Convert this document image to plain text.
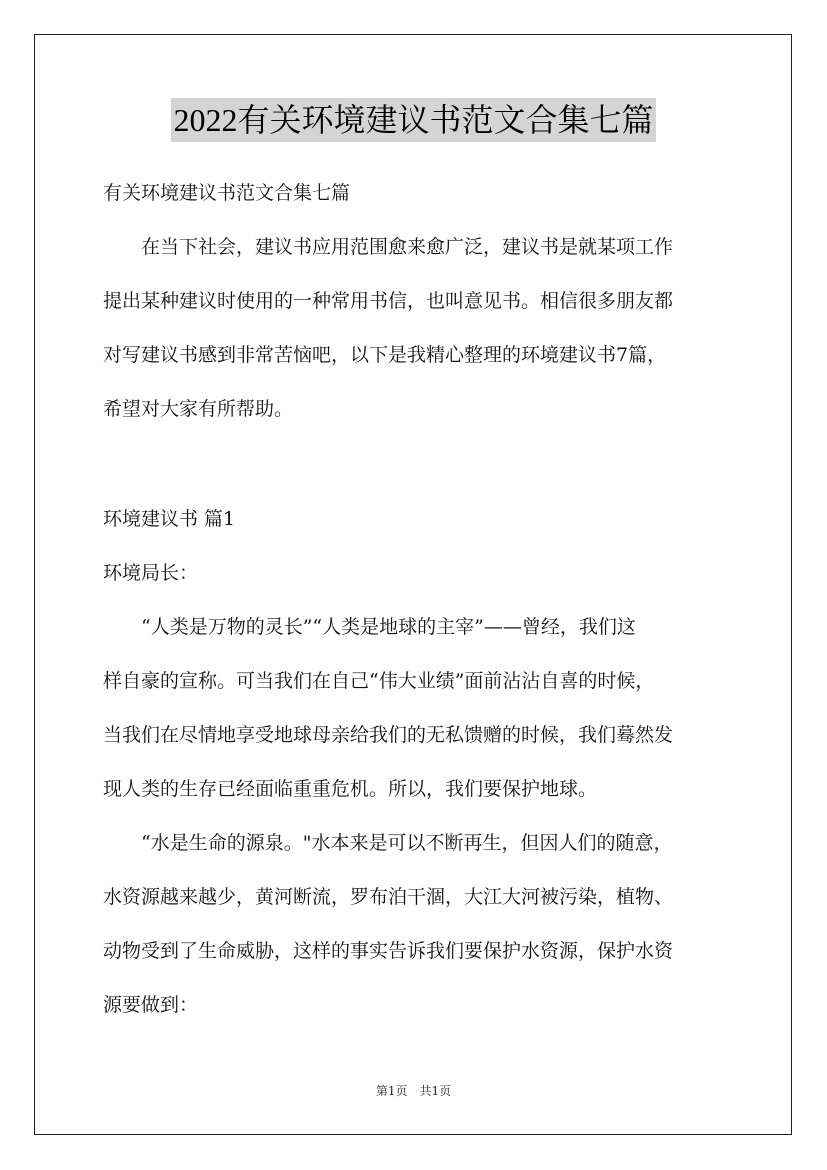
2022有关环境建议书范文合集七篇
有关环境建议书范文合集七篇
　　在当下社会，建议书应用范围愈来愈广泛，建议书是就某项工作
提出某种建议时使用的一种常用书信，也叫意见书。相信很多朋友都
对写建议书感到非常苦恼吧，以下是我精心整理的环境建议书7篇，
希望对大家有所帮助。
环境建议书 篇1
环境局长：
　　“人类是万物的灵长”“人类是地球的主宰”——曾经，我们这
样自豪的宣称。可当我们在自己“伟大业绩”面前沾沾自喜的时候，
当我们在尽情地享受地球母亲给我们的无私馈赠的时候，我们蓦然发
现人类的生存已经面临重重危机。所以，我们要保护地球。
　　“水是生命的源泉。"水本来是可以不断再生，但因人们的随意，
水资源越来越少，黄河断流，罗布泊干涸，大江大河被污染，植物、
动物受到了生命威胁，这样的事实告诉我们要保护水资源，保护水资
源要做到：
第1页　共1页
